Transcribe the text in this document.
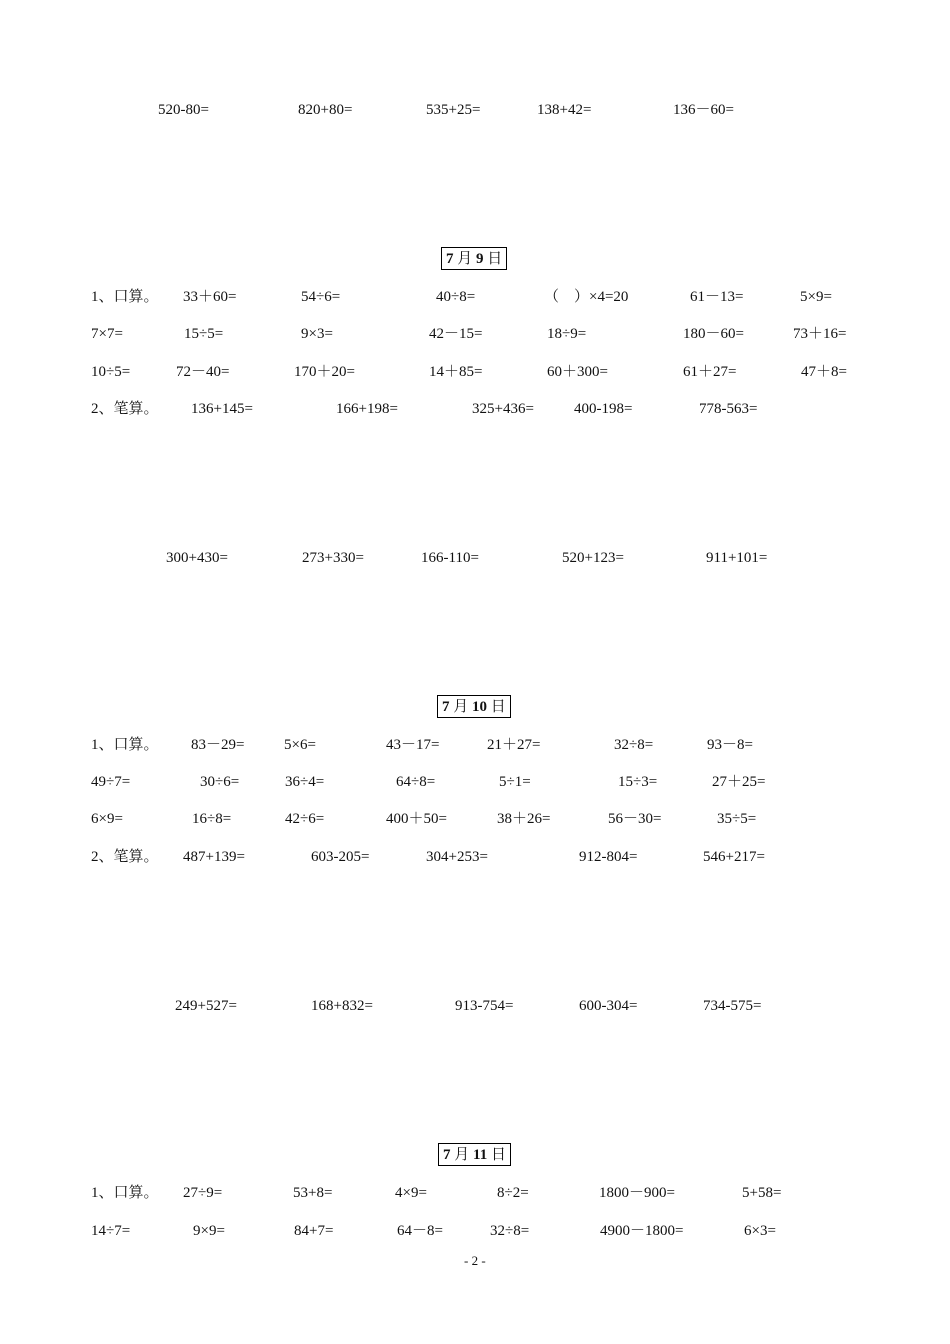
520-80=	820+80=	535+25=	138+42=	136－60=
7 月 9 日
1、口算。 33＋60=	54÷6=	40÷8=	（　）×4=20	61－13=	5×9=
7×7=	15÷5=	9×3=	42－15=	18÷9=	180－60=	73＋16=
10÷5=	72－40=	170＋20=	14＋85=	60＋300=	61＋27=	47＋8=
2、笔算。 136+145=	166+198=	325+436=	400-198=	778-563=
300+430=	273+330=	166-110=	520+123=	911+101=
7 月 10 日
1、口算。 83－29=	5×6=	43－17=	21＋27=	32÷8=	93－8=
49÷7=	30÷6=	36÷4=	64÷8=	5÷1=	15÷3=	27＋25=
6×9=	16÷8=	42÷6=	400＋50=	38＋26=	56－30=	35÷5=
2、笔算。 487+139=	603-205=	304+253=	912-804=	546+217=
249+527=	168+832=	913-754=	600-304=	734-575=
7 月 11 日
1、口算。 27÷9=	53+8=	4×9=	8÷2=	1800－900=	5+58=
14÷7=	9×9=	84+7=	64－8=	32÷8=	4900－1800=	6×3=
- 2 -
